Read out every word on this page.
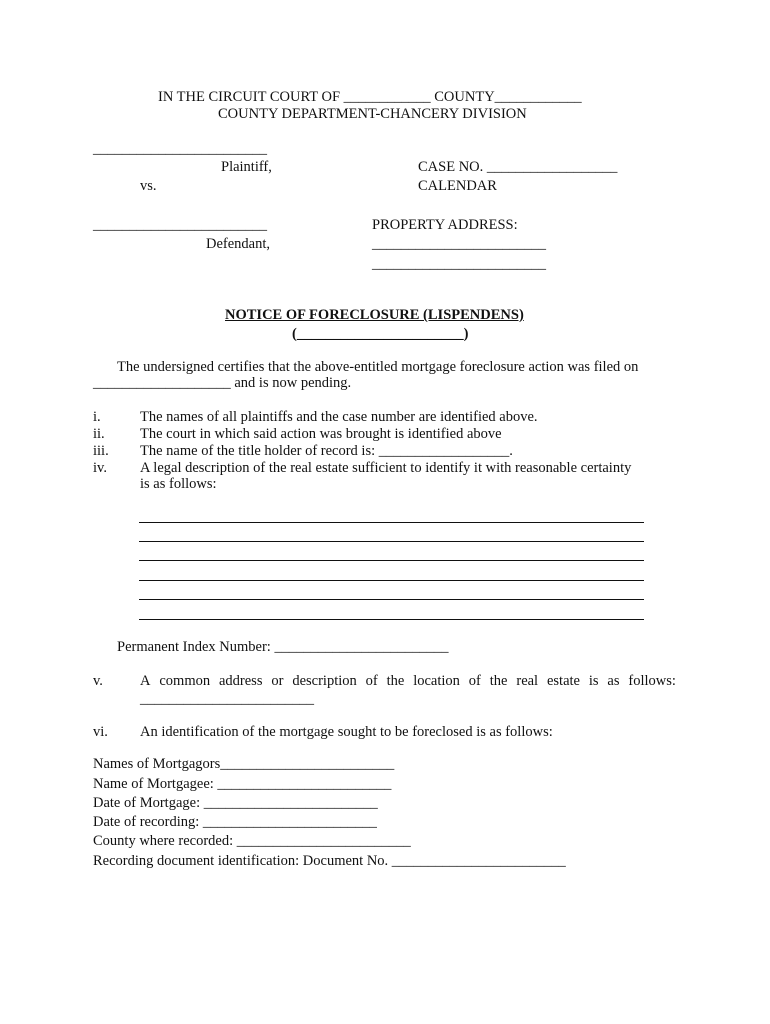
IN THE CIRCUIT COURT OF ____________ COUNTY____________
COUNTY DEPARTMENT-CHANCERY DIVISION
________________________
Plaintiff,
vs.
________________________
Defendant,
CASE NO. __________________
CALENDAR
PROPERTY ADDRESS:
________________________
________________________
NOTICE OF FORECLOSURE (LISPENDENS)
(_______________________)
The undersigned certifies that the above-entitled mortgage foreclosure action was filed on
___________________ and is now pending.
i.	The names of all plaintiffs and the case number are identified above.
ii. The court in which said action was brought is identified above
iii. The name of the title holder of record is: __________________.
iv. A legal description of the real estate sufficient to identify it with reasonable certainty
is as follows:
Permanent Index Number: ________________________
v.	A common address or description of the location of the real estate is as follows:
________________________
vi. An identification of the mortgage sought to be foreclosed is as follows:
Names of Mortgagors________________________
Name of Mortgagee: ________________________
Date of Mortgage: ________________________
Date of recording: ________________________
County where recorded: ________________________
Recording document identification: Document No. ________________________
